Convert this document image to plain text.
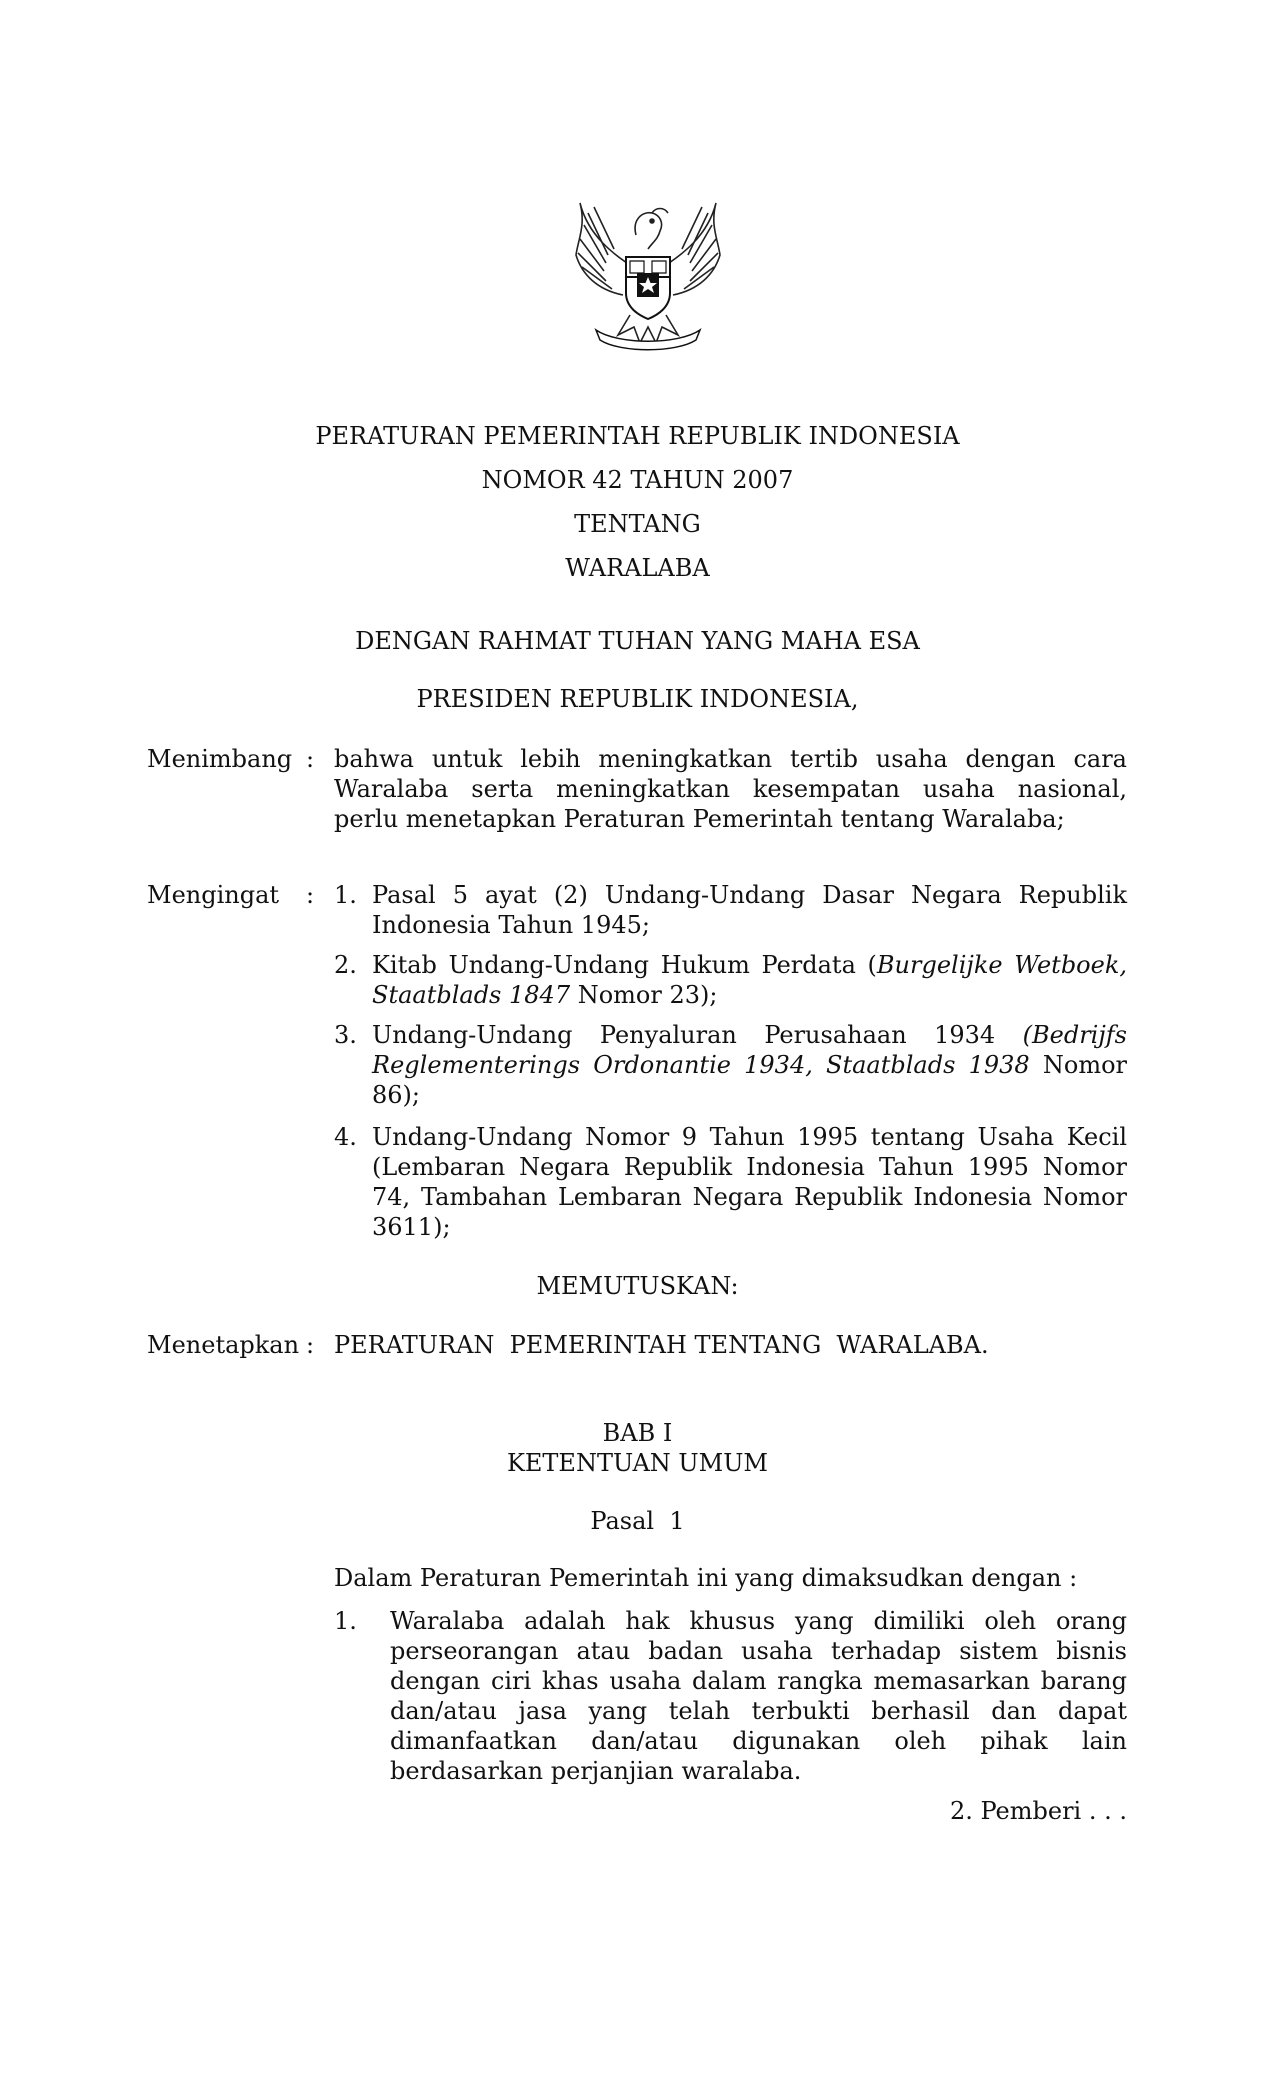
PERATURAN PEMERINTAH REPUBLIK INDONESIA
NOMOR 42 TAHUN 2007
TENTANG
WARALABA
DENGAN RAHMAT TUHAN YANG MAHA ESA
PRESIDEN REPUBLIK INDONESIA,
Menimbang : bahwa untuk lebih meningkatkan tertib usaha dengan cara
Waralaba serta meningkatkan kesempatan usaha nasional,
perlu menetapkan Peraturan Pemerintah tentang Waralaba;
Mengingat : 1. Pasal 5 ayat (2) Undang-Undang Dasar Negara Republik
Indonesia Tahun 1945;
2. Kitab Undang-Undang Hukum Perdata (Burgelijke Wetboek,
Staatblads 1847 Nomor 23);
3. Undang-Undang Penyaluran Perusahaan 1934 (Bedrijfs
Reglementerings Ordonantie 1934, Staatblads 1938 Nomor
86);
4. Undang-Undang Nomor 9 Tahun 1995 tentang Usaha Kecil
(Lembaran Negara Republik Indonesia Tahun 1995 Nomor
74, Tambahan Lembaran Negara Republik Indonesia Nomor
3611);
MEMUTUSKAN:
Menetapkan : PERATURAN  PEMERINTAH TENTANG  WARALABA.
BAB I
KETENTUAN UMUM
Pasal  1
Dalam Peraturan Pemerintah ini yang dimaksudkan dengan :
1. Waralaba adalah hak khusus yang dimiliki oleh orang
perseorangan atau badan usaha terhadap sistem bisnis
dengan ciri khas usaha dalam rangka memasarkan barang
dan/atau jasa yang telah terbukti berhasil dan dapat
dimanfaatkan dan/atau digunakan oleh pihak lain
berdasarkan perjanjian waralaba.
2. Pemberi . . .
